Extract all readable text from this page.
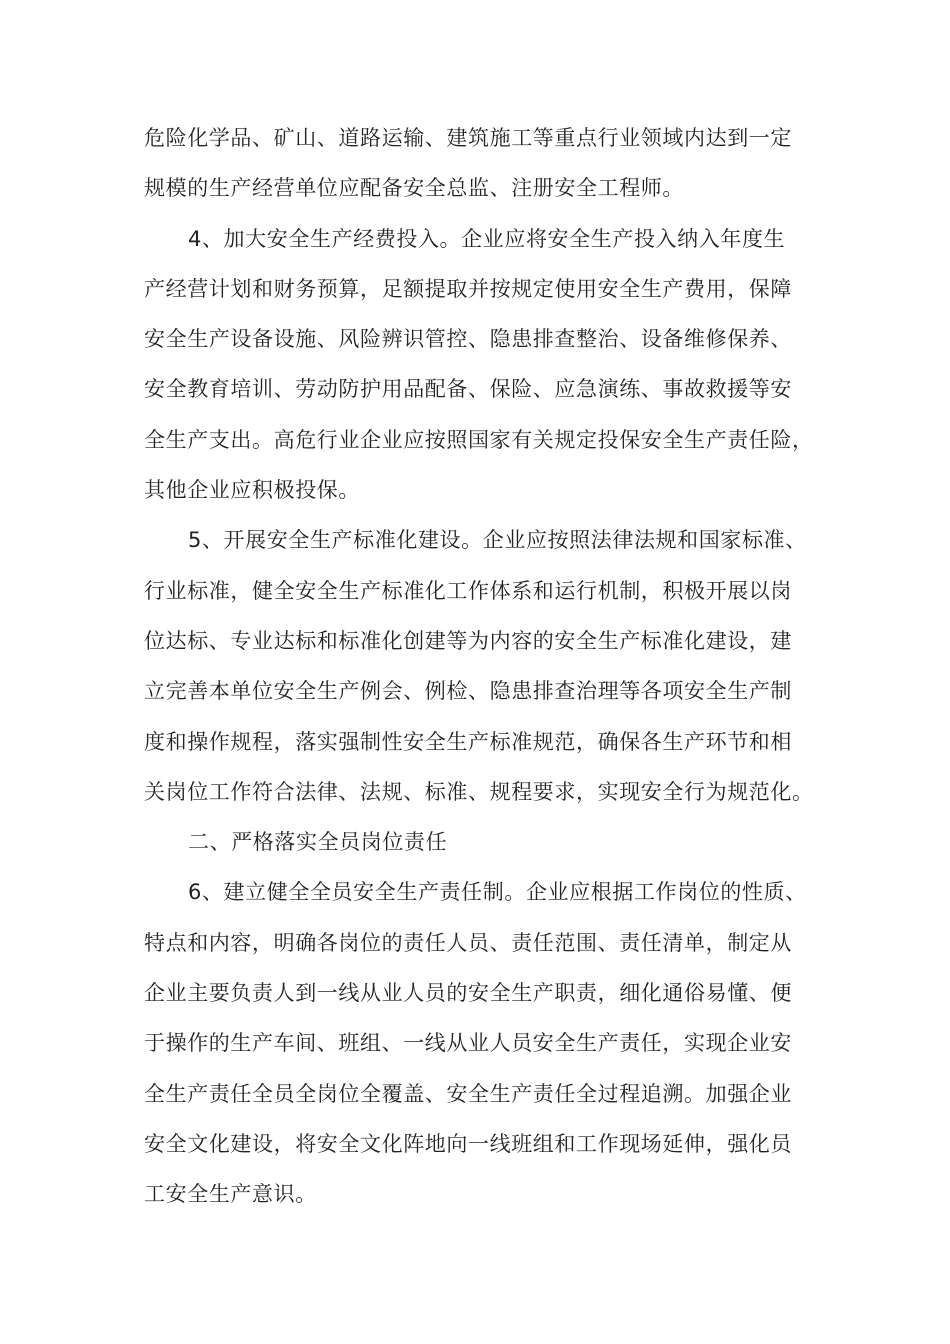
危险化学品、矿山、道路运输、建筑施工等重点行业领域内达到一定
规模的生产经营单位应配备安全总监、注册安全工程师。
4、加大安全生产经费投入。企业应将安全生产投入纳入年度生
产经营计划和财务预算，足额提取并按规定使用安全生产费用，保障
安全生产设备设施、风险辨识管控、隐患排查整治、设备维修保养、
安全教育培训、劳动防护用品配备、保险、应急演练、事故救援等安
全生产支出。高危行业企业应按照国家有关规定投保安全生产责任险，
其他企业应积极投保。
5、开展安全生产标准化建设。企业应按照法律法规和国家标准、
行业标准，健全安全生产标准化工作体系和运行机制，积极开展以岗
位达标、专业达标和标准化创建等为内容的安全生产标准化建设，建
立完善本单位安全生产例会、例检、隐患排查治理等各项安全生产制
度和操作规程，落实强制性安全生产标准规范，确保各生产环节和相
关岗位工作符合法律、法规、标准、规程要求，实现安全行为规范化。
二、严格落实全员岗位责任
6、建立健全全员安全生产责任制。企业应根据工作岗位的性质、
特点和内容，明确各岗位的责任人员、责任范围、责任清单，制定从
企业主要负责人到一线从业人员的安全生产职责，细化通俗易懂、便
于操作的生产车间、班组、一线从业人员安全生产责任，实现企业安
全生产责任全员全岗位全覆盖、安全生产责任全过程追溯。加强企业
安全文化建设，将安全文化阵地向一线班组和工作现场延伸，强化员
工安全生产意识。
